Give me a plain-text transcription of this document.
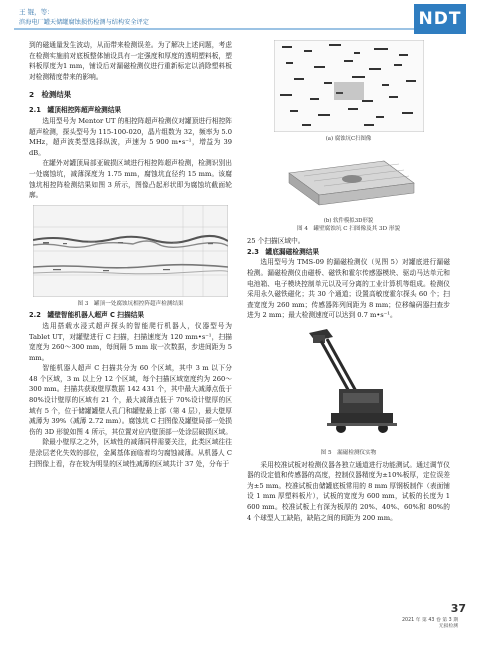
王 锟，等：
滨海电厂罐天储罐腐蚀损伤检测与结构安全评定	NDT

到的磁通量发生波动，从而带来检测误差。为了解决上述问题，考虑在检测实施前对底板整体铺设具有一定强度和厚度的透明塑料板，塑料板厚度为1 mm，铺设后对漏磁检测仪进行重新标定以消除塑料板对检测精度带来的影响。

2　检测结果
2.1　罐顶相控阵超声检测结果

选用型号为 Mentor UT 的相控阵超声检测仪对罐顶进行相控阵超声检测，探头型号为 115-100-020，晶片组数为 32，频率为 5.0 MHz，超声波类型选择纵波，声速为 5 900 m•s⁻¹，增益为 39 dB。

在罐外对罐顶局部亚破损区域进行相控阵超声检测，检测识别出一处腐蚀坑，减薄深度为 1.75 mm，腐蚀坑直径约 15 mm。该腐蚀坑相控阵检测结果如图 3 所示，图像凸起形状即为腐蚀坑截面轮廓。

图 3　罐顶一处腐蚀坑相控阵超声检测结果
2.2　罐壁智能机器人超声 C 扫描结果

选用搭载水浸式超声探头的智能爬行机器人，仪器型号为 Tablet UT，对罐壁进行 C 扫描，扫描速度为 120 mm•s⁻¹，扫描宽度为 260～300 mm，每间隔 5 mm 取一次数据，步进间距为 5 mm。

智能机器人超声 C 扫描共分为 60 个区域，其中 3 m 以下分 48 个区域，3 m 以上分 12 个区域，每个扫描区域宽度约为 260～300 mm。扫描共获取壁厚数据 142 431 个，其中最大减薄点低于 80%设计壁厚的区域有 21 个，最大减薄点低于 70%设计壁厚的区域有 5 个，位于储罐罐壁人孔门和罐壁最上部（第 4 层），最大壁厚减薄为 39%（减薄 2.72 mm）。腐蚀坑 C 扫图像及罐壁局部一处损伤的 3D 形貌如图 4 所示，其位置对应内壁顶部一处涂层破损区域。

除最小壁厚之之外，区域性的减薄同样需要关注，此类区域往往是涂层老化失效的部位，金属基体面临着均匀腐蚀减薄。从机器人 C 扫图像上看，存在较为明显的区域性减薄的区域共计 37 处，分布于

(a) 腐蚀坑C扫图像
(b) 软件模拟3D形貌
图 4　罐壁腐蚀坑 C 扫图像及其 3D 形貌

25 个扫描区域中。

2.3　罐底漏磁检测结果

选用型号为 TMS-09 的漏磁检测仪（见图 5）对罐底进行漏磁检测。漏磁检测仪由磁桥、磁铁和霍尔传感器模块、驱动马达单元和电池箱、电子模块控制单元以及可分离的工业计算机等组成。检测仪采用永久磁铁磁化；共 30 个通道；设置高敏度霍尔探头 60 个；扫查宽度为 260 mm；传感器阵列间距为 8 mm；位移编码器扫查步进为 2 mm；最大检测速度可以达到 0.7 m•s⁻¹。

图 5　漏磁检测仪实物

采用校准试板对检测仪器各独立通道进行功能测试。通过调节仪器的设定值和传感器的高度，控制仪器精度为±10%板厚，定位误差为±5 mm。校准试板由储罐底板常用的 8 mm 厚钢板制作（表面铺设 1 mm 厚塑料板片），试板的宽度为 600 mm，试板的长度为 1 600 mm。校准试板上有深为板厚的 20%、40%、60%和 80%的 4 个球型人工缺陷，缺陷之间的间距为 200 mm。

37
2021 年 第 43 卷 第 3 期
无损检测
